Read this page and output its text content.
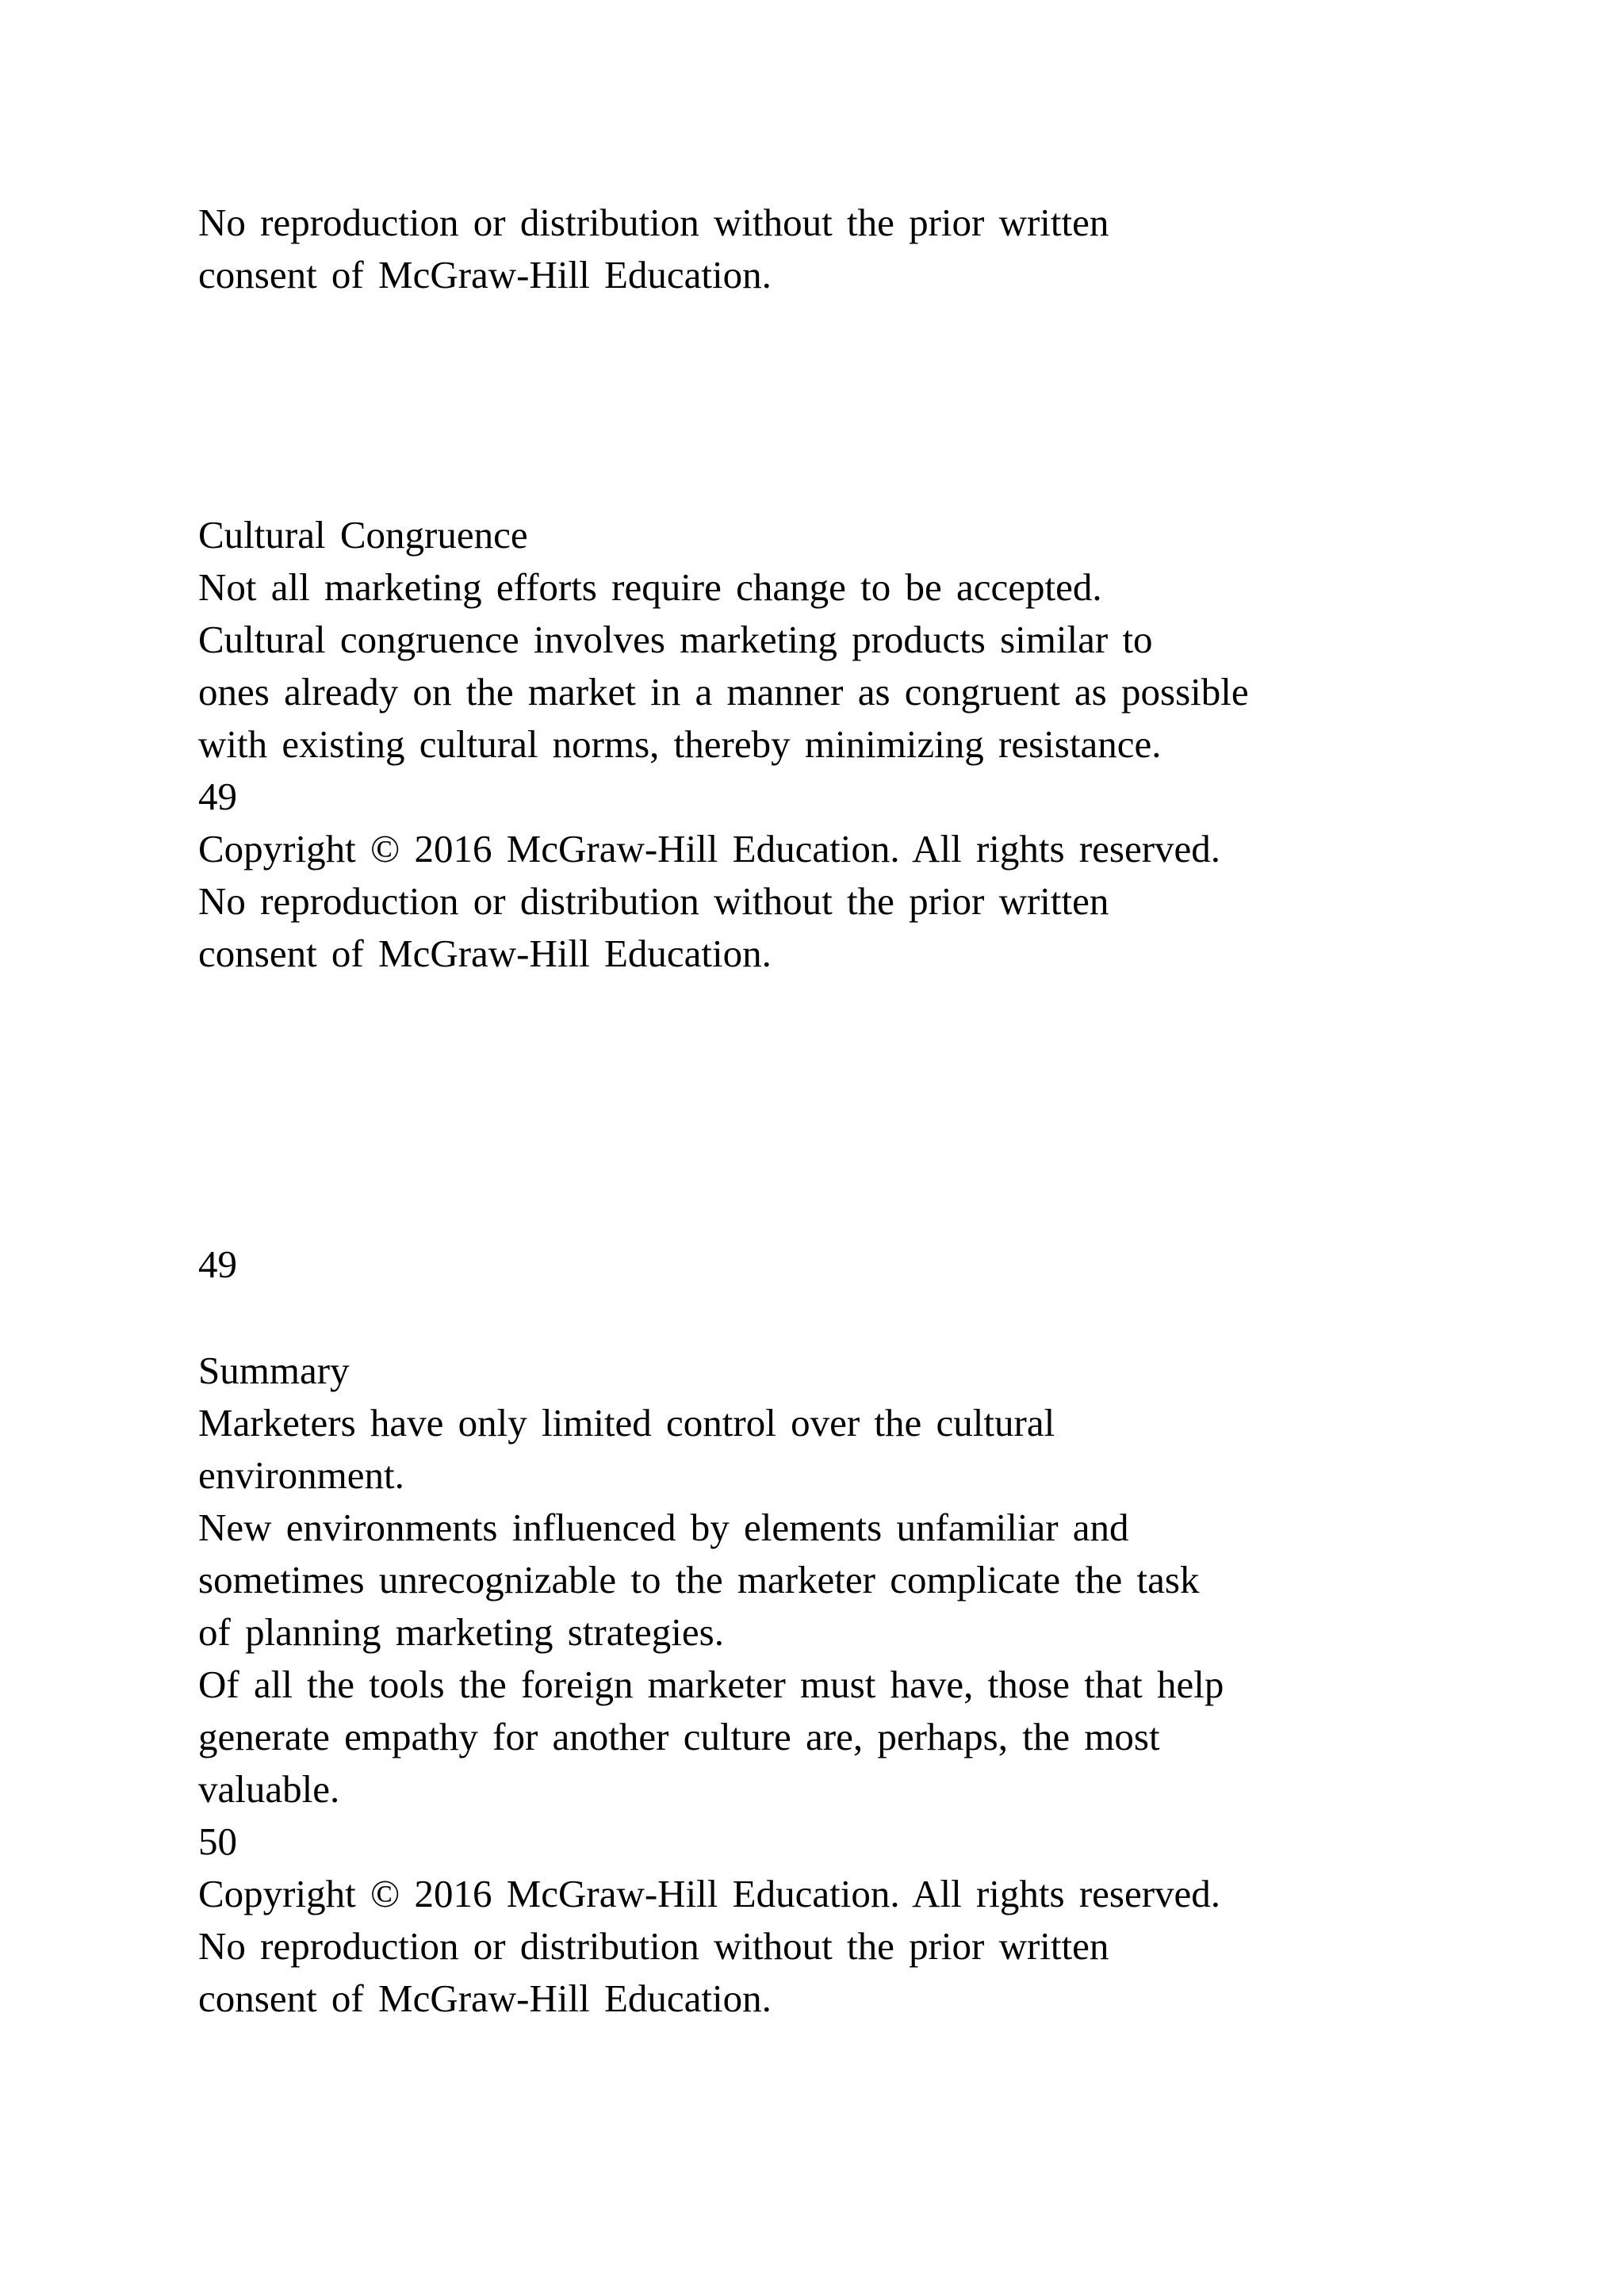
No reproduction or distribution without the prior written
consent of McGraw-Hill Education.
Cultural Congruence
Not all marketing efforts require change to be accepted.
Cultural congruence involves marketing products similar to
ones already on the market in a manner as congruent as possible
with existing cultural norms, thereby minimizing resistance.
49
Copyright © 2016 McGraw-Hill Education. All rights reserved.
No reproduction or distribution without the prior written
consent of McGraw-Hill Education.
49
Summary
Marketers have only limited control over the cultural
environment.
New environments influenced by elements unfamiliar and
sometimes unrecognizable to the marketer complicate the task
of planning marketing strategies.
Of all the tools the foreign marketer must have, those that help
generate empathy for another culture are, perhaps, the most
valuable.
50
Copyright © 2016 McGraw-Hill Education. All rights reserved.
No reproduction or distribution without the prior written
consent of McGraw-Hill Education.
